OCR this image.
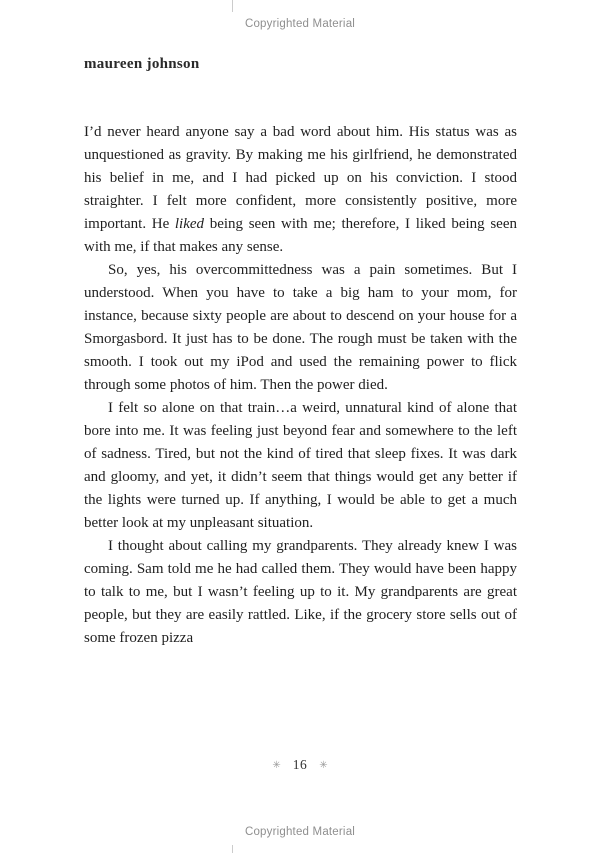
Copyrighted Material
maureen johnson

I’d never heard anyone say a bad word about him. His status was as unquestioned as gravity. By making me his girlfriend, he demonstrated his belief in me, and I had picked up on his conviction. I stood straighter. I felt more confident, more consistently positive, more important. He liked being seen with me; therefore, I liked being seen with me, if that makes any sense.

So, yes, his overcommittedness was a pain sometimes. But I understood. When you have to take a big ham to your mom, for instance, because sixty people are about to descend on your house for a Smorgasbord. It just has to be done. The rough must be taken with the smooth. I took out my iPod and used the remaining power to flick through some photos of him. Then the power died.

I felt so alone on that train…a weird, unnatural kind of alone that bore into me. It was feeling just beyond fear and somewhere to the left of sadness. Tired, but not the kind of tired that sleep fixes. It was dark and gloomy, and yet, it didn’t seem that things would get any better if the lights were turned up. If anything, I would be able to get a much better look at my unpleasant situation.

I thought about calling my grandparents. They already knew I was coming. Sam told me he had called them. They would have been happy to talk to me, but I wasn’t feeling up to it. My grandparents are great people, but they are easily rattled. Like, if the grocery store sells out of some frozen pizza

✳ 16 ✳
Copyrighted Material
